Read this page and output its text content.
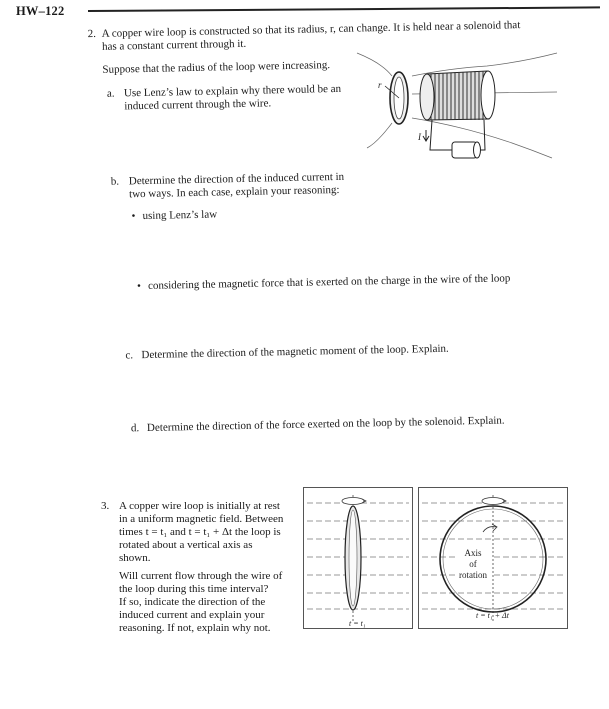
HW–122
2. A copper wire loop is constructed so that its radius, r, can change. It is held near a solenoid that
has a constant current through it.
Suppose that the radius of the loop were increasing.
a. Use Lenz’s law to explain why there would be an
induced current through the wire.
b. Determine the direction of the induced current in
two ways. In each case, explain your reasoning:
• using Lenz’s law
• considering the magnetic force that is exerted on the charge in the wire of the loop
c. Determine the direction of the magnetic moment of the loop. Explain.
d. Determine the direction of the force exerted on the loop by the solenoid. Explain.
r
I
3. A copper wire loop is initially at rest
in a uniform magnetic field. Between
times t = t₁ and t = t₁ + Δt the loop is
rotated about a vertical axis as
shown.
Will current flow through the wire of
the loop during this time interval?
If so, indicate the direction of the
induced current and explain your
reasoning. If not, explain why not.	t = t₁
Axis
of
rotation
t = t₁ + Δt
